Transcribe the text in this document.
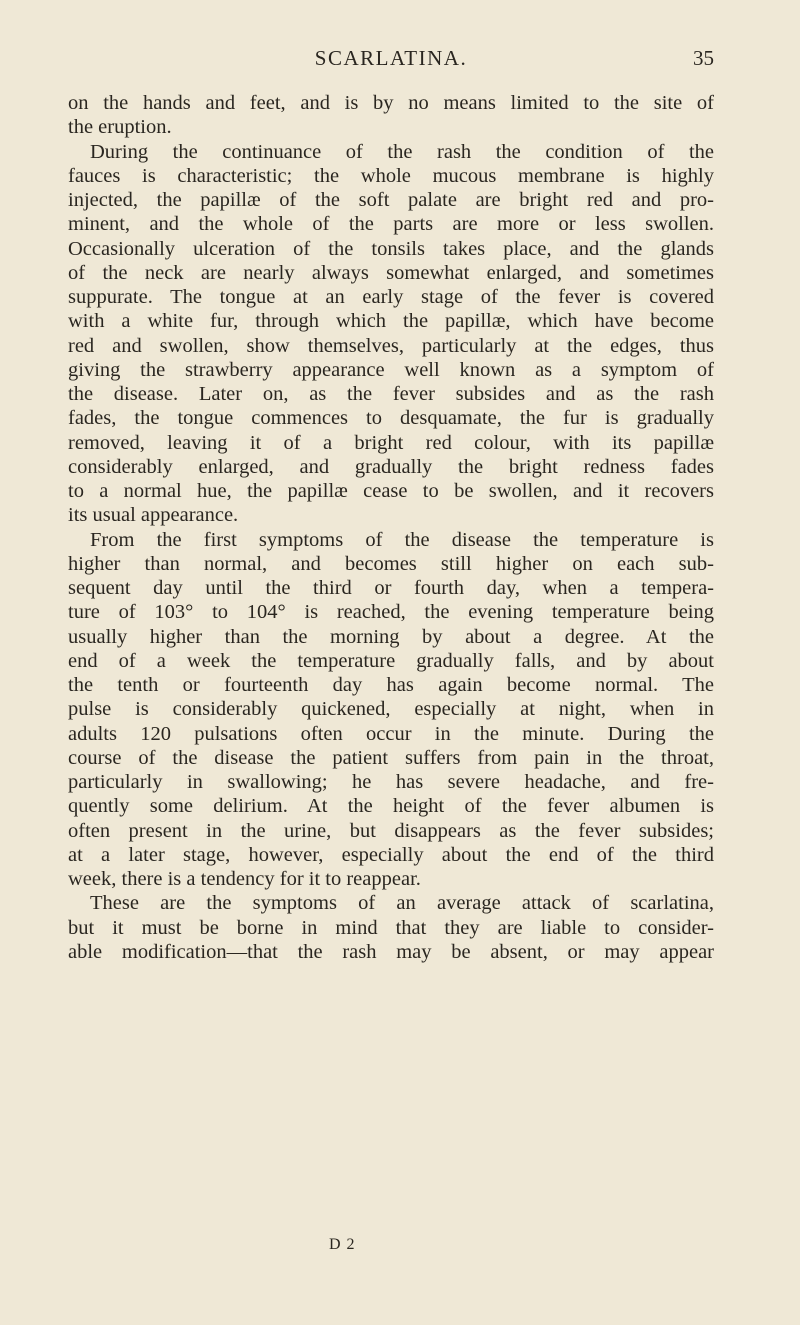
SCARLATINA.	35
on the hands and feet, and is by no means limited to the site of
the eruption.
During the continuance of the rash the condition of the
fauces is characteristic; the whole mucous membrane is highly
injected, the papillæ of the soft palate are bright red and pro-
minent, and the whole of the parts are more or less swollen.
Occasionally ulceration of the tonsils takes place, and the glands
of the neck are nearly always somewhat enlarged, and sometimes
suppurate. The tongue at an early stage of the fever is covered
with a white fur, through which the papillæ, which have become
red and swollen, show themselves, particularly at the edges, thus
giving the strawberry appearance well known as a symptom of
the disease. Later on, as the fever subsides and as the rash
fades, the tongue commences to desquamate, the fur is gradually
removed, leaving it of a bright red colour, with its papillæ
considerably enlarged, and gradually the bright redness fades
to a normal hue, the papillæ cease to be swollen, and it recovers
its usual appearance.
From the first symptoms of the disease the temperature is
higher than normal, and becomes still higher on each sub-
sequent day until the third or fourth day, when a tempera-
ture of 103° to 104° is reached, the evening temperature being
usually higher than the morning by about a degree. At the
end of a week the temperature gradually falls, and by about
the tenth or fourteenth day has again become normal. The
pulse is considerably quickened, especially at night, when in
adults 120 pulsations often occur in the minute. During the
course of the disease the patient suffers from pain in the throat,
particularly in swallowing; he has severe headache, and fre-
quently some delirium. At the height of the fever albumen is
often present in the urine, but disappears as the fever subsides;
at a later stage, however, especially about the end of the third
week, there is a tendency for it to reappear.
These are the symptoms of an average attack of scarlatina,
but it must be borne in mind that they are liable to consider-
able modification—that the rash may be absent, or may appear
D 2
